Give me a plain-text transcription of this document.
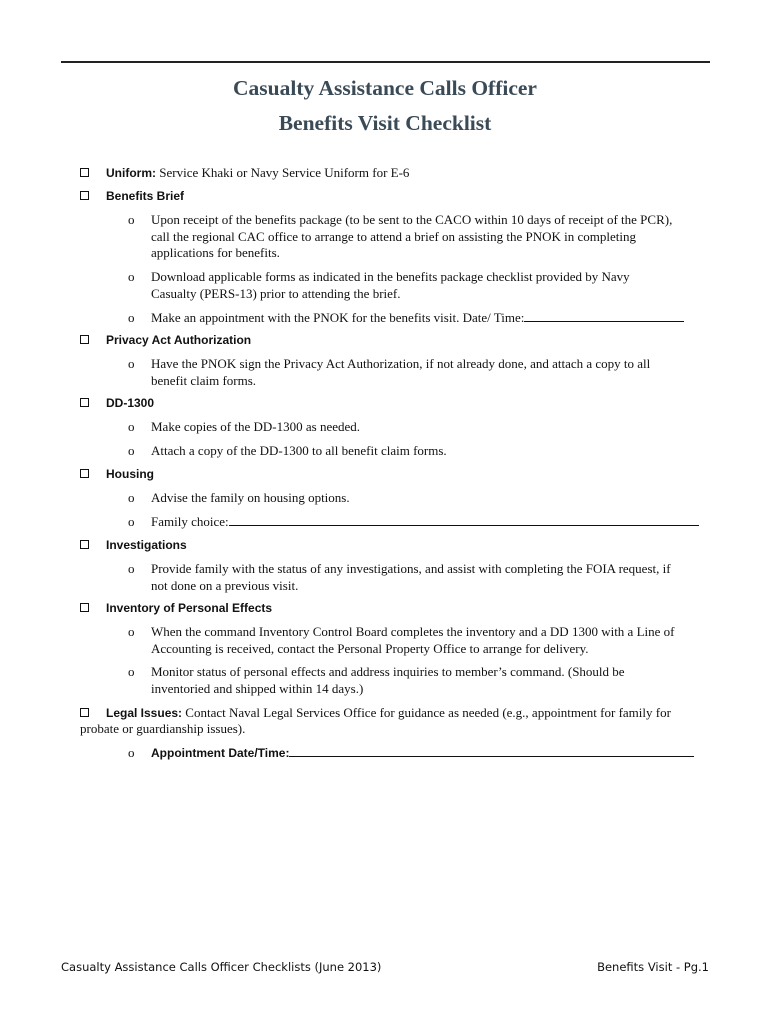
Casualty Assistance Calls Officer
Benefits Visit Checklist
Uniform: Service Khaki or Navy Service Uniform for E-6
Benefits Brief
o Upon receipt of the benefits package (to be sent to the CACO within 10 days of receipt of the PCR),
call the regional CAC office to arrange to attend a brief on assisting the PNOK in completing
applications for benefits.
o Download applicable forms as indicated in the benefits package checklist provided by Navy
Casualty (PERS-13) prior to attending the brief.
o Make an appointment with the PNOK for the benefits visit. Date/ Time:
Privacy Act Authorization
o Have the PNOK sign the Privacy Act Authorization, if not already done, and attach a copy to all
benefit claim forms.
DD-1300
o Make copies of the DD-1300 as needed.
o Attach a copy of the DD-1300 to all benefit claim forms.
Housing
o Advise the family on housing options.
o Family choice:
Investigations
o Provide family with the status of any investigations, and assist with completing the FOIA request, if
not done on a previous visit.
Inventory of Personal Effects
o When the command Inventory Control Board completes the inventory and a DD 1300 with a Line of
Accounting is received, contact the Personal Property Office to arrange for delivery.
o Monitor status of personal effects and address inquiries to member’s command. (Should be
inventoried and shipped within 14 days.)
Legal Issues: Contact Naval Legal Services Office for guidance as needed (e.g., appointment for family for
probate or guardianship issues).
o Appointment Date/Time:
Casualty Assistance Calls Officer Checklists (June 2013)	Benefits Visit - Pg.1
